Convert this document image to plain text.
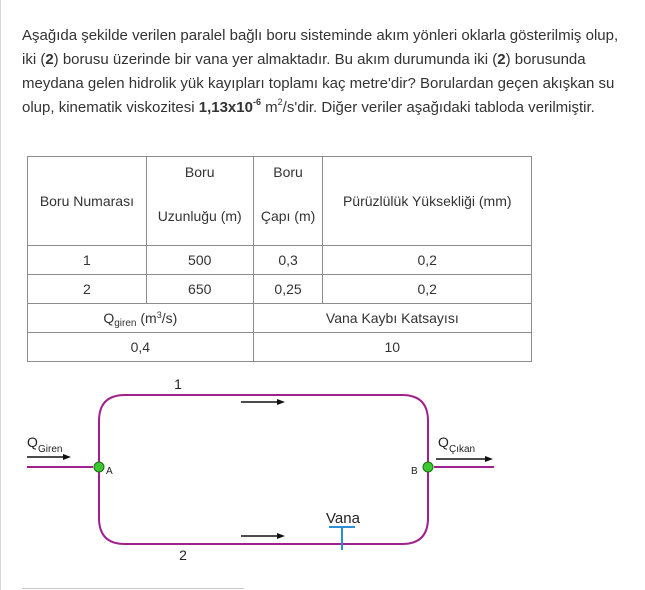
Aşağıda şekilde verilen paralel bağlı boru sisteminde akım yönleri oklarla gösterilmiş olup, iki (2) borusu üzerinde bir vana yer almaktadır. Bu akım durumunda iki (2) borusunda meydana gelen hidrolik yük kayıpları toplamı kaç metre'dir? Borulardan geçen akışkan su olup, kinematik viskozitesi $1,13x10^{-6}$ $m^2/s'dir$. Diğer veriler aşağıdaki tabloda verilmiştir.
Boru Numarası	Boru	Boru	Pürüzlülük Yüksekliği (mm)
	Uzunluğu (m)	Çapı (m)	
1	500	0,3	0,2
2	650	0,25	0,2
$Q_{giren}$ $(m^3/s)$		Vana Kaybı Katsayısı	
0,4		10	
1
2
A	B
Vana
Q Giren	Q Çıkan
